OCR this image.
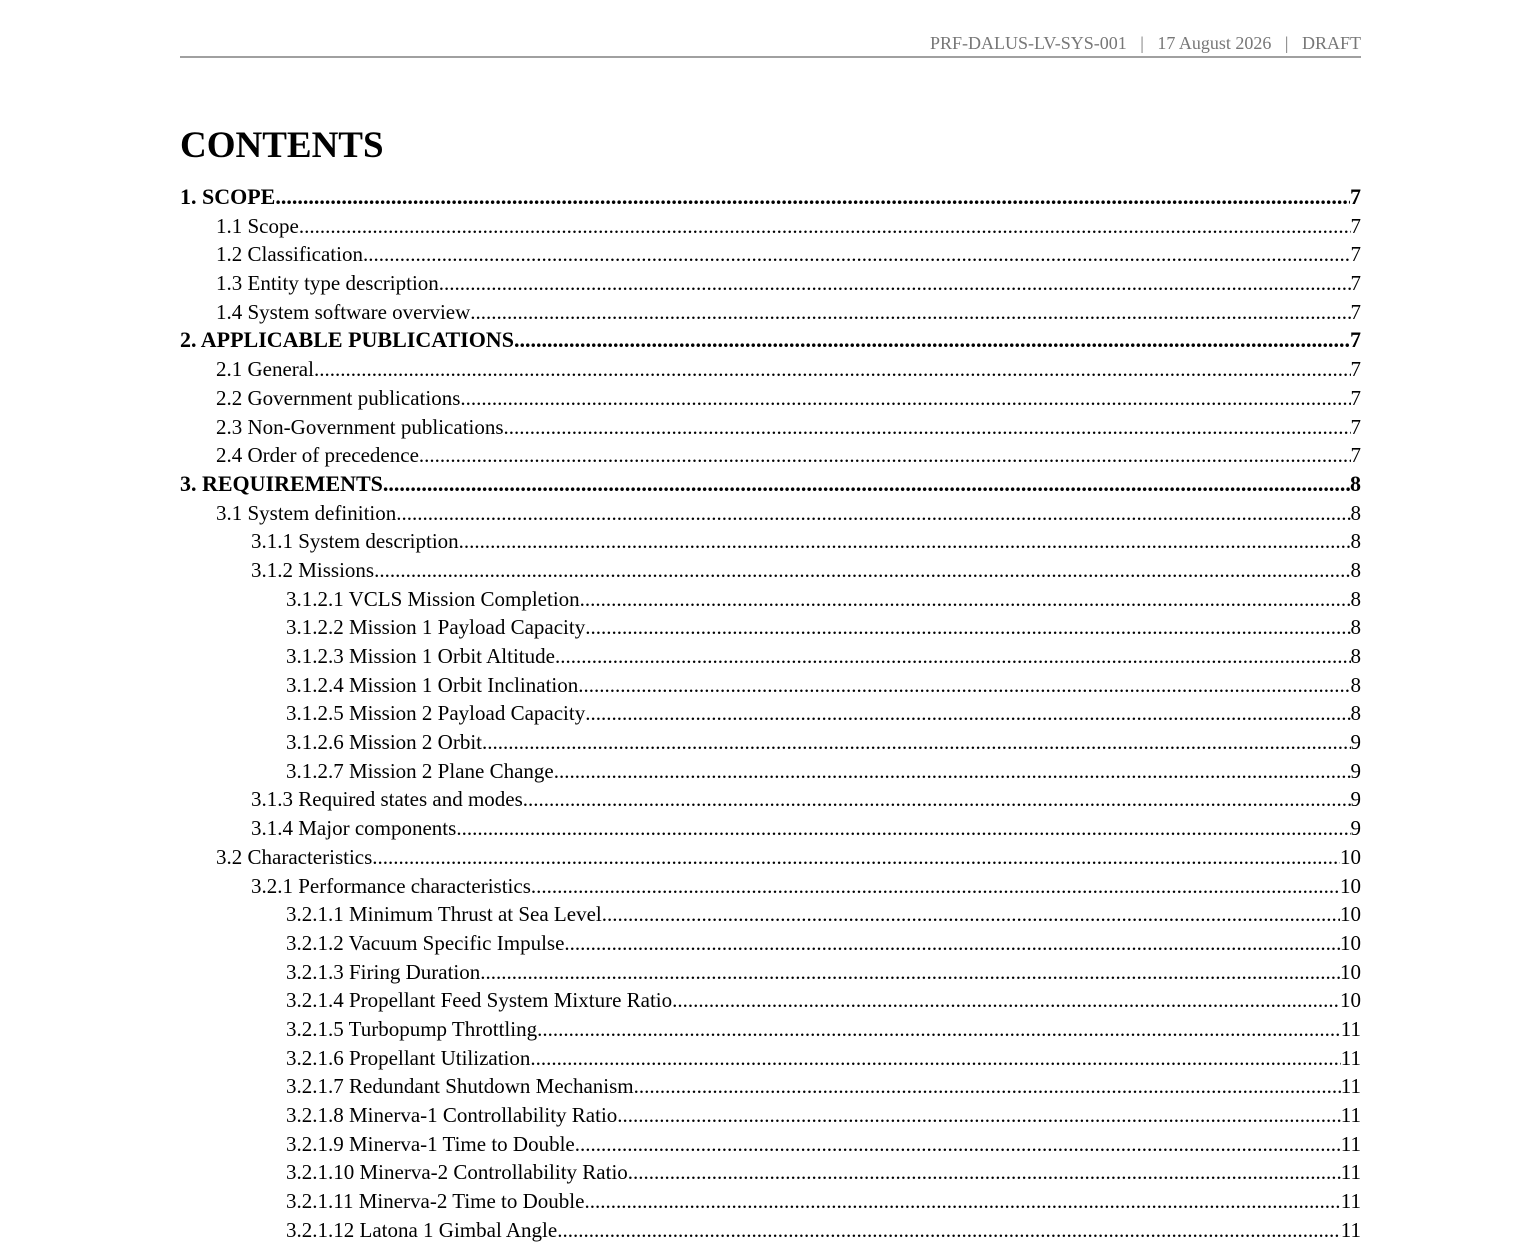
PRF-DALUS-LV-SYS-001 | 17 August 2026 | DRAFT
CONTENTS
1. SCOPE .....	7
1.1 Scope .....	7
1.2 Classification .....	7
1.3 Entity type description .....	7
1.4 System software overview .....	7
2. APPLICABLE PUBLICATIONS .....	7
2.1 General .....	7
2.2 Government publications .....	7
2.3 Non-Government publications .....	7
2.4 Order of precedence .....	7
3. REQUIREMENTS .....	8
3.1 System definition .....	8
3.1.1 System description .....	8
3.1.2 Missions .....	8
3.1.2.1 VCLS Mission Completion .....	8
3.1.2.2 Mission 1 Payload Capacity .....	8
3.1.2.3 Mission 1 Orbit Altitude .....	8
3.1.2.4 Mission 1 Orbit Inclination .....	8
3.1.2.5 Mission 2 Payload Capacity .....	8
3.1.2.6 Mission 2 Orbit .....	9
3.1.2.7 Mission 2 Plane Change .....	9
3.1.3 Required states and modes .....	9
3.1.4 Major components .....	9
3.2 Characteristics .....	10
3.2.1 Performance characteristics .....	10
3.2.1.1 Minimum Thrust at Sea Level .....	10
3.2.1.2 Vacuum Specific Impulse .....	10
3.2.1.3 Firing Duration .....	10
3.2.1.4 Propellant Feed System Mixture Ratio .....	10
3.2.1.5 Turbopump Throttling .....	11
3.2.1.6 Propellant Utilization .....	11
3.2.1.7 Redundant Shutdown Mechanism .....	11
3.2.1.8 Minerva-1 Controllability Ratio .....	11
3.2.1.9 Minerva-1 Time to Double .....	11
3.2.1.10 Minerva-2 Controllability Ratio .....	11
3.2.1.11 Minerva-2 Time to Double .....	11
3.2.1.12 Latona 1 Gimbal Angle .....	11
